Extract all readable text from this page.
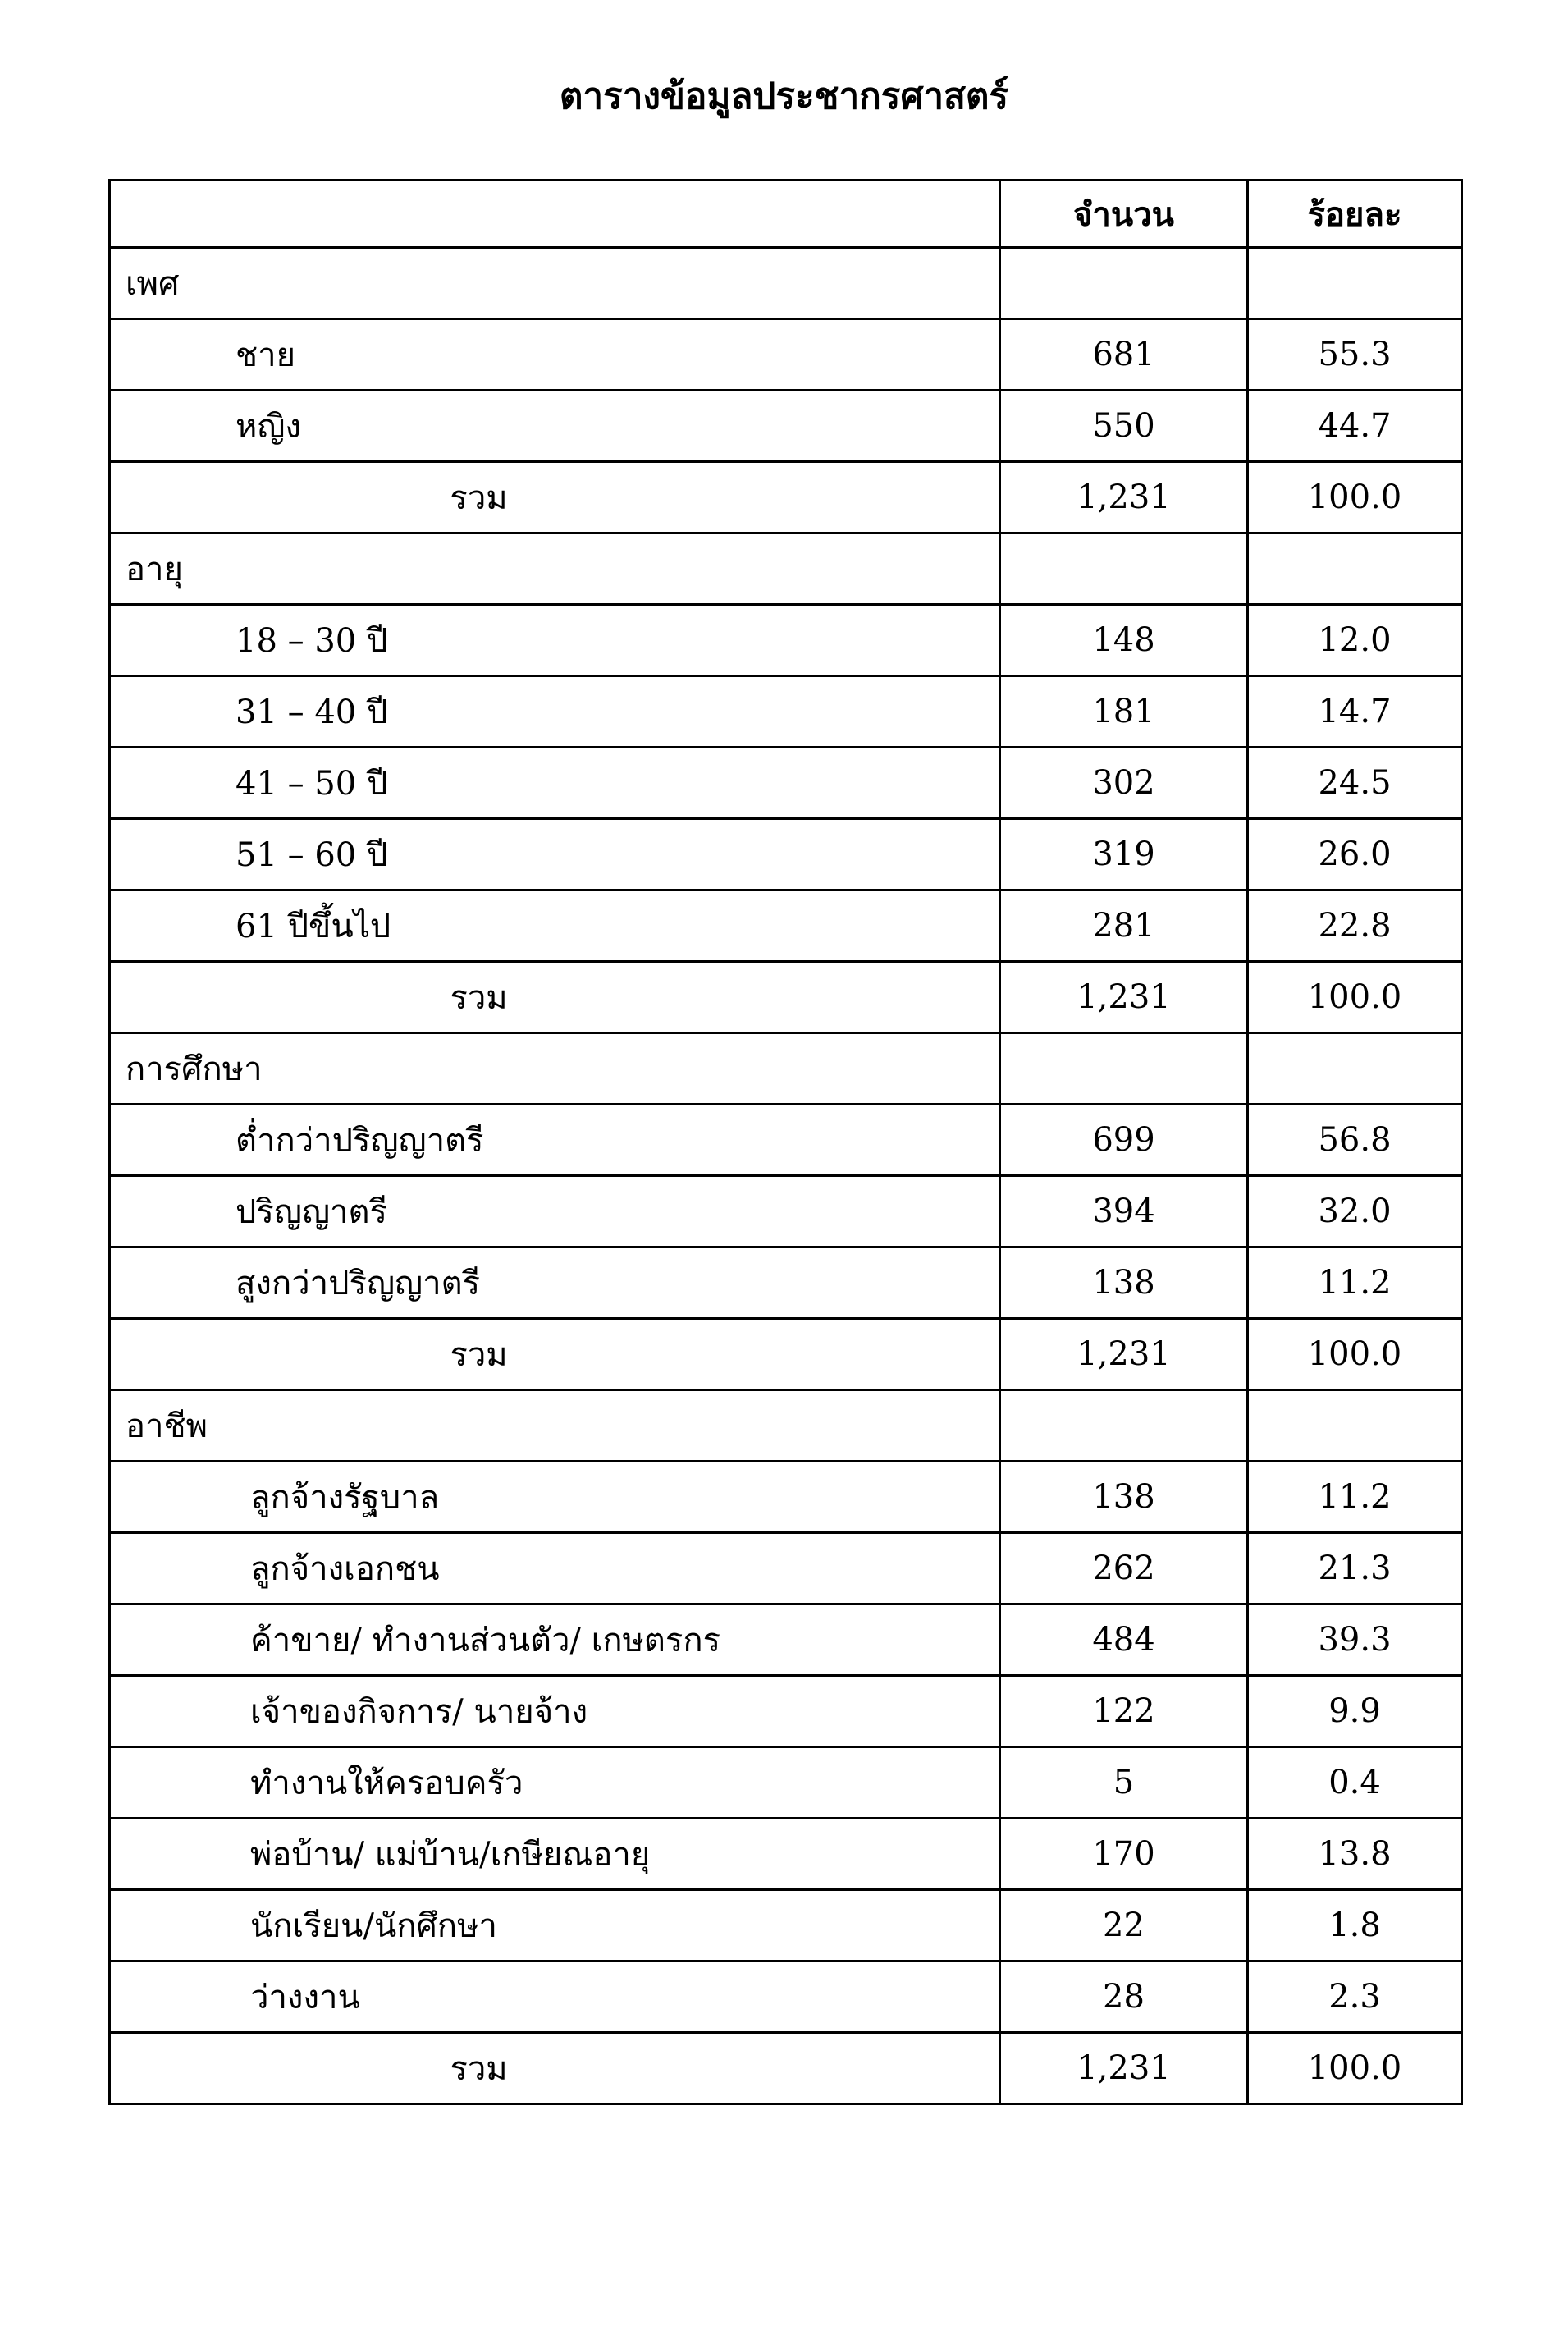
ตารางข้อมูลประชากรศาสตร์
	จำนวน	ร้อยละ
เพศ		
ชาย	681	55.3
หญิง	550	44.7
รวม	1,231	100.0
อายุ		
18 – 30 ปี	148	12.0
31 – 40 ปี	181	14.7
41 – 50 ปี	302	24.5
51 – 60 ปี	319	26.0
61 ปีขึ้นไป	281	22.8
รวม	1,231	100.0
การศึกษา		
ต่ำกว่าปริญญาตรี	699	56.8
ปริญญาตรี	394	32.0
สูงกว่าปริญญาตรี	138	11.2
รวม	1,231	100.0
อาชีพ		
ลูกจ้างรัฐบาล	138	11.2
ลูกจ้างเอกชน	262	21.3
ค้าขาย/ ทำงานส่วนตัว/ เกษตรกร	484	39.3
เจ้าของกิจการ/ นายจ้าง	122	9.9
ทำงานให้ครอบครัว	5	0.4
พ่อบ้าน/ แม่บ้าน/เกษียณอายุ	170	13.8
นักเรียน/นักศึกษา	22	1.8
ว่างงาน	28	2.3
รวม	1,231	100.0
